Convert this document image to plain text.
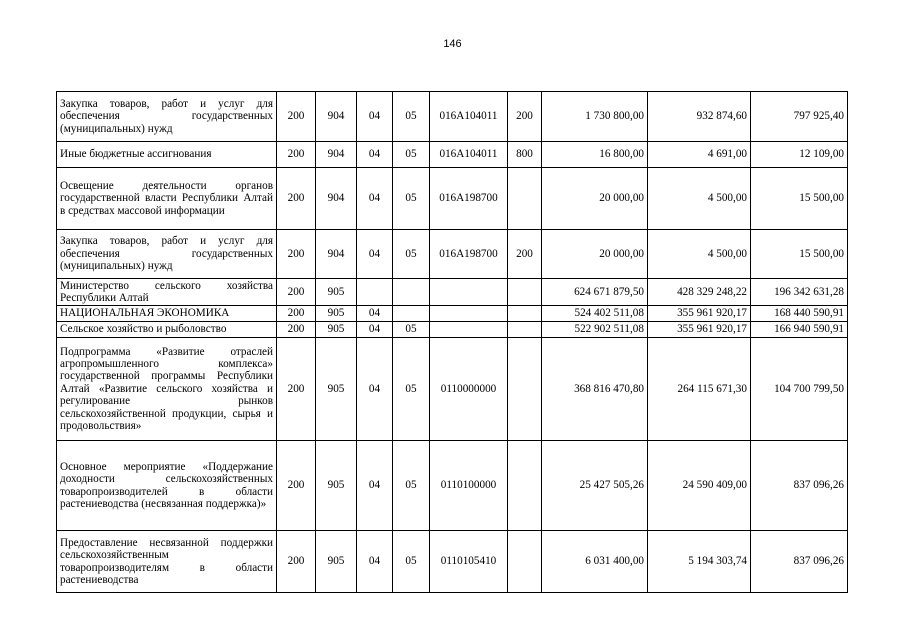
146
Закупка товаров, работ и услуг для обеспечения государственных (муниципальных) нужд	200	904	04	05	016A104011	200	1 730 800,00	932 874,60	797 925,40
Иные бюджетные ассигнования	200	904	04	05	016A104011	800	16 800,00	4 691,00	12 109,00
Освещение деятельности органов государственной власти Республики Алтай в средствах массовой информации	200	904	04	05	016A198700		20 000,00	4 500,00	15 500,00
Закупка товаров, работ и услуг для обеспечения государственных (муниципальных) нужд	200	904	04	05	016A198700	200	20 000,00	4 500,00	15 500,00
Министерство сельского хозяйства Республики Алтай	200	905					624 671 879,50	428 329 248,22	196 342 631,28
НАЦИОНАЛЬНАЯ ЭКОНОМИКА	200	905	04				524 402 511,08	355 961 920,17	168 440 590,91
Сельское хозяйство и рыболовство	200	905	04	05			522 902 511,08	355 961 920,17	166 940 590,91
Подпрограмма «Развитие отраслей агропромышленного комплекса» государственной программы Республики Алтай «Развитие сельского хозяйства и регулирование рынков сельскохозяйственной продукции, сырья и продовольствия»	200	905	04	05	0110000000		368 816 470,80	264 115 671,30	104 700 799,50
Основное мероприятие «Поддержание доходности сельскохозяйственных товаропроизводителей в области растениеводства (несвязанная поддержка)»	200	905	04	05	0110100000		25 427 505,26	24 590 409,00	837 096,26
Предоставление несвязанной поддержки сельскохозяйственным товаропроизводителям в области растениеводства	200	905	04	05	0110105410		6 031 400,00	5 194 303,74	837 096,26
